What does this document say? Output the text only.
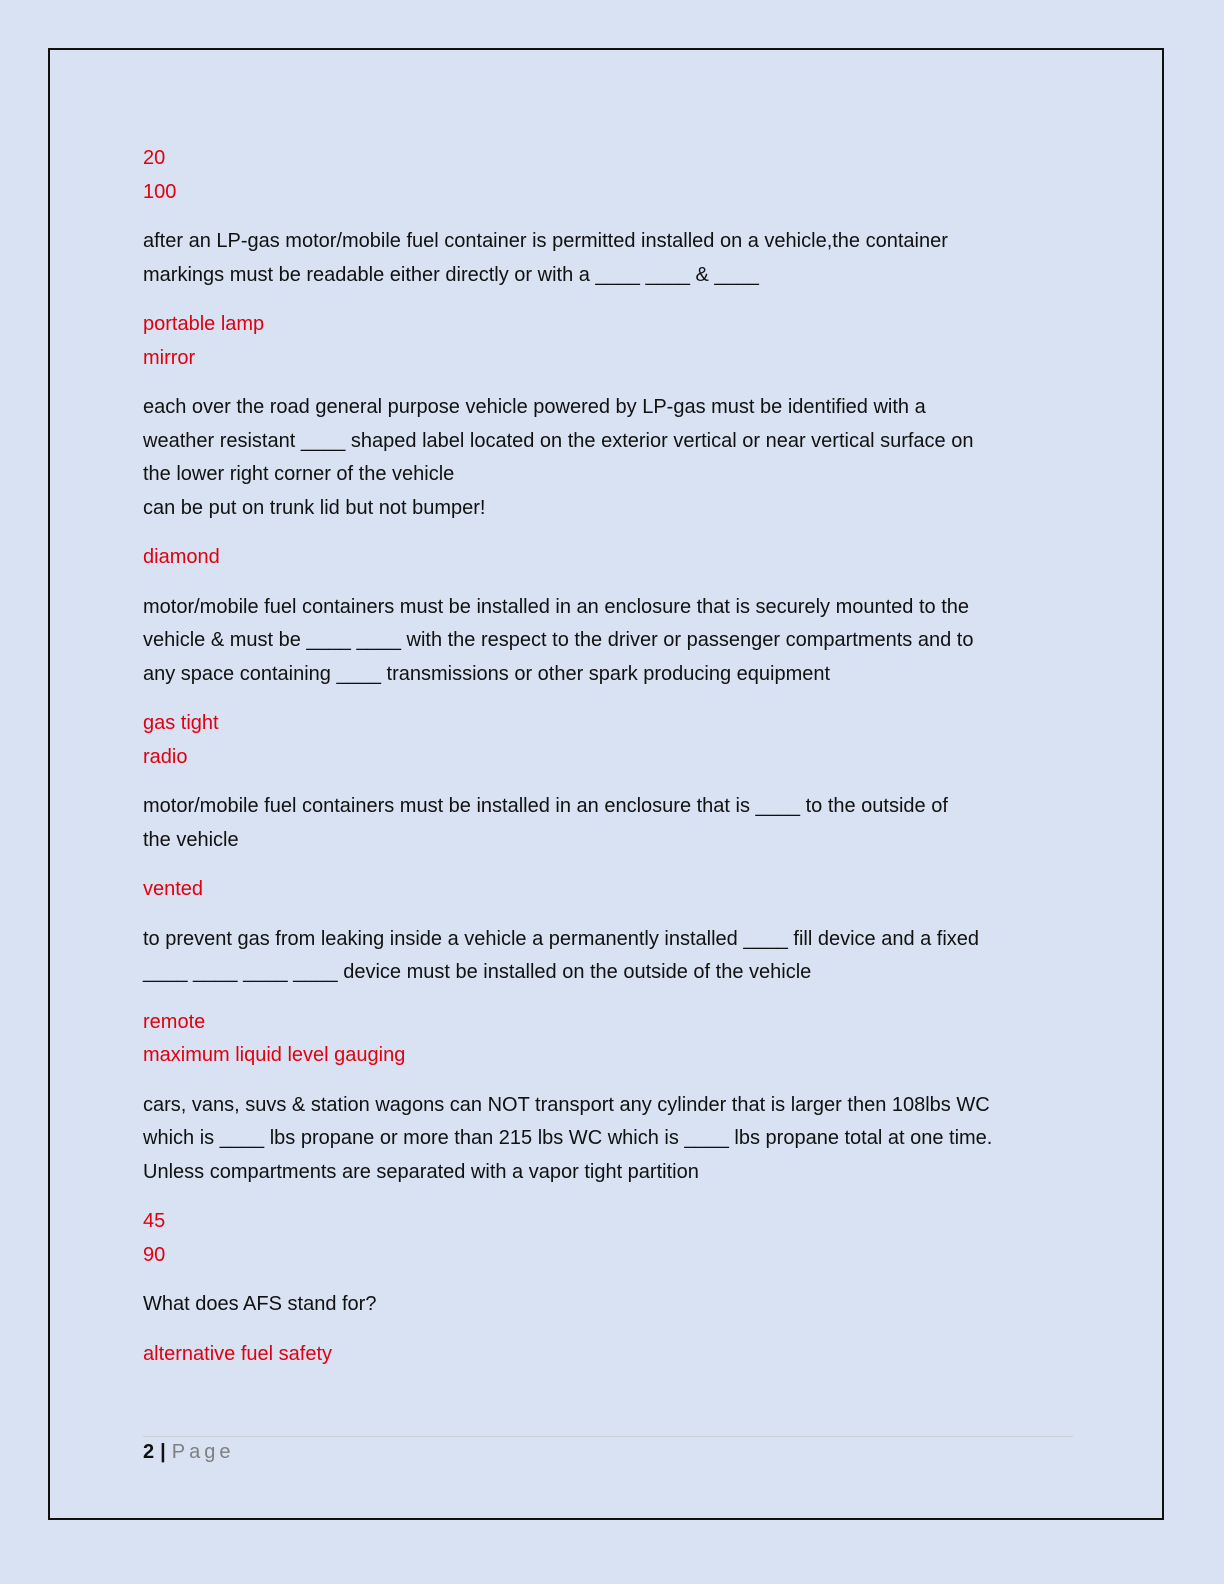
20
100
after an LP-gas motor/mobile fuel container is permitted installed on a vehicle,the container
markings must be readable either directly or with a ____ ____ & ____
portable lamp
mirror
each over the road general purpose vehicle powered by LP-gas must be identified with a
weather resistant ____ shaped label located on the exterior vertical or near vertical surface on
the lower right corner of the vehicle
can be put on trunk lid but not bumper!
diamond
motor/mobile fuel containers must be installed in an enclosure that is securely mounted to the
vehicle & must be ____ ____ with the respect to the driver or passenger compartments and to
any space containing ____ transmissions or other spark producing equipment
gas tight
radio
motor/mobile fuel containers must be installed in an enclosure that is ____ to the outside of
the vehicle
vented
to prevent gas from leaking inside a vehicle a permanently installed ____ fill device and a fixed
____ ____ ____ ____ device must be installed on the outside of the vehicle
remote
maximum liquid level gauging
cars, vans, suvs & station wagons can NOT transport any cylinder that is larger then 108lbs WC
which is ____ lbs propane or more than 215 lbs WC which is ____ lbs propane total at one time.
Unless compartments are separated with a vapor tight partition
45
90
What does AFS stand for?
alternative fuel safety
2 | Page
